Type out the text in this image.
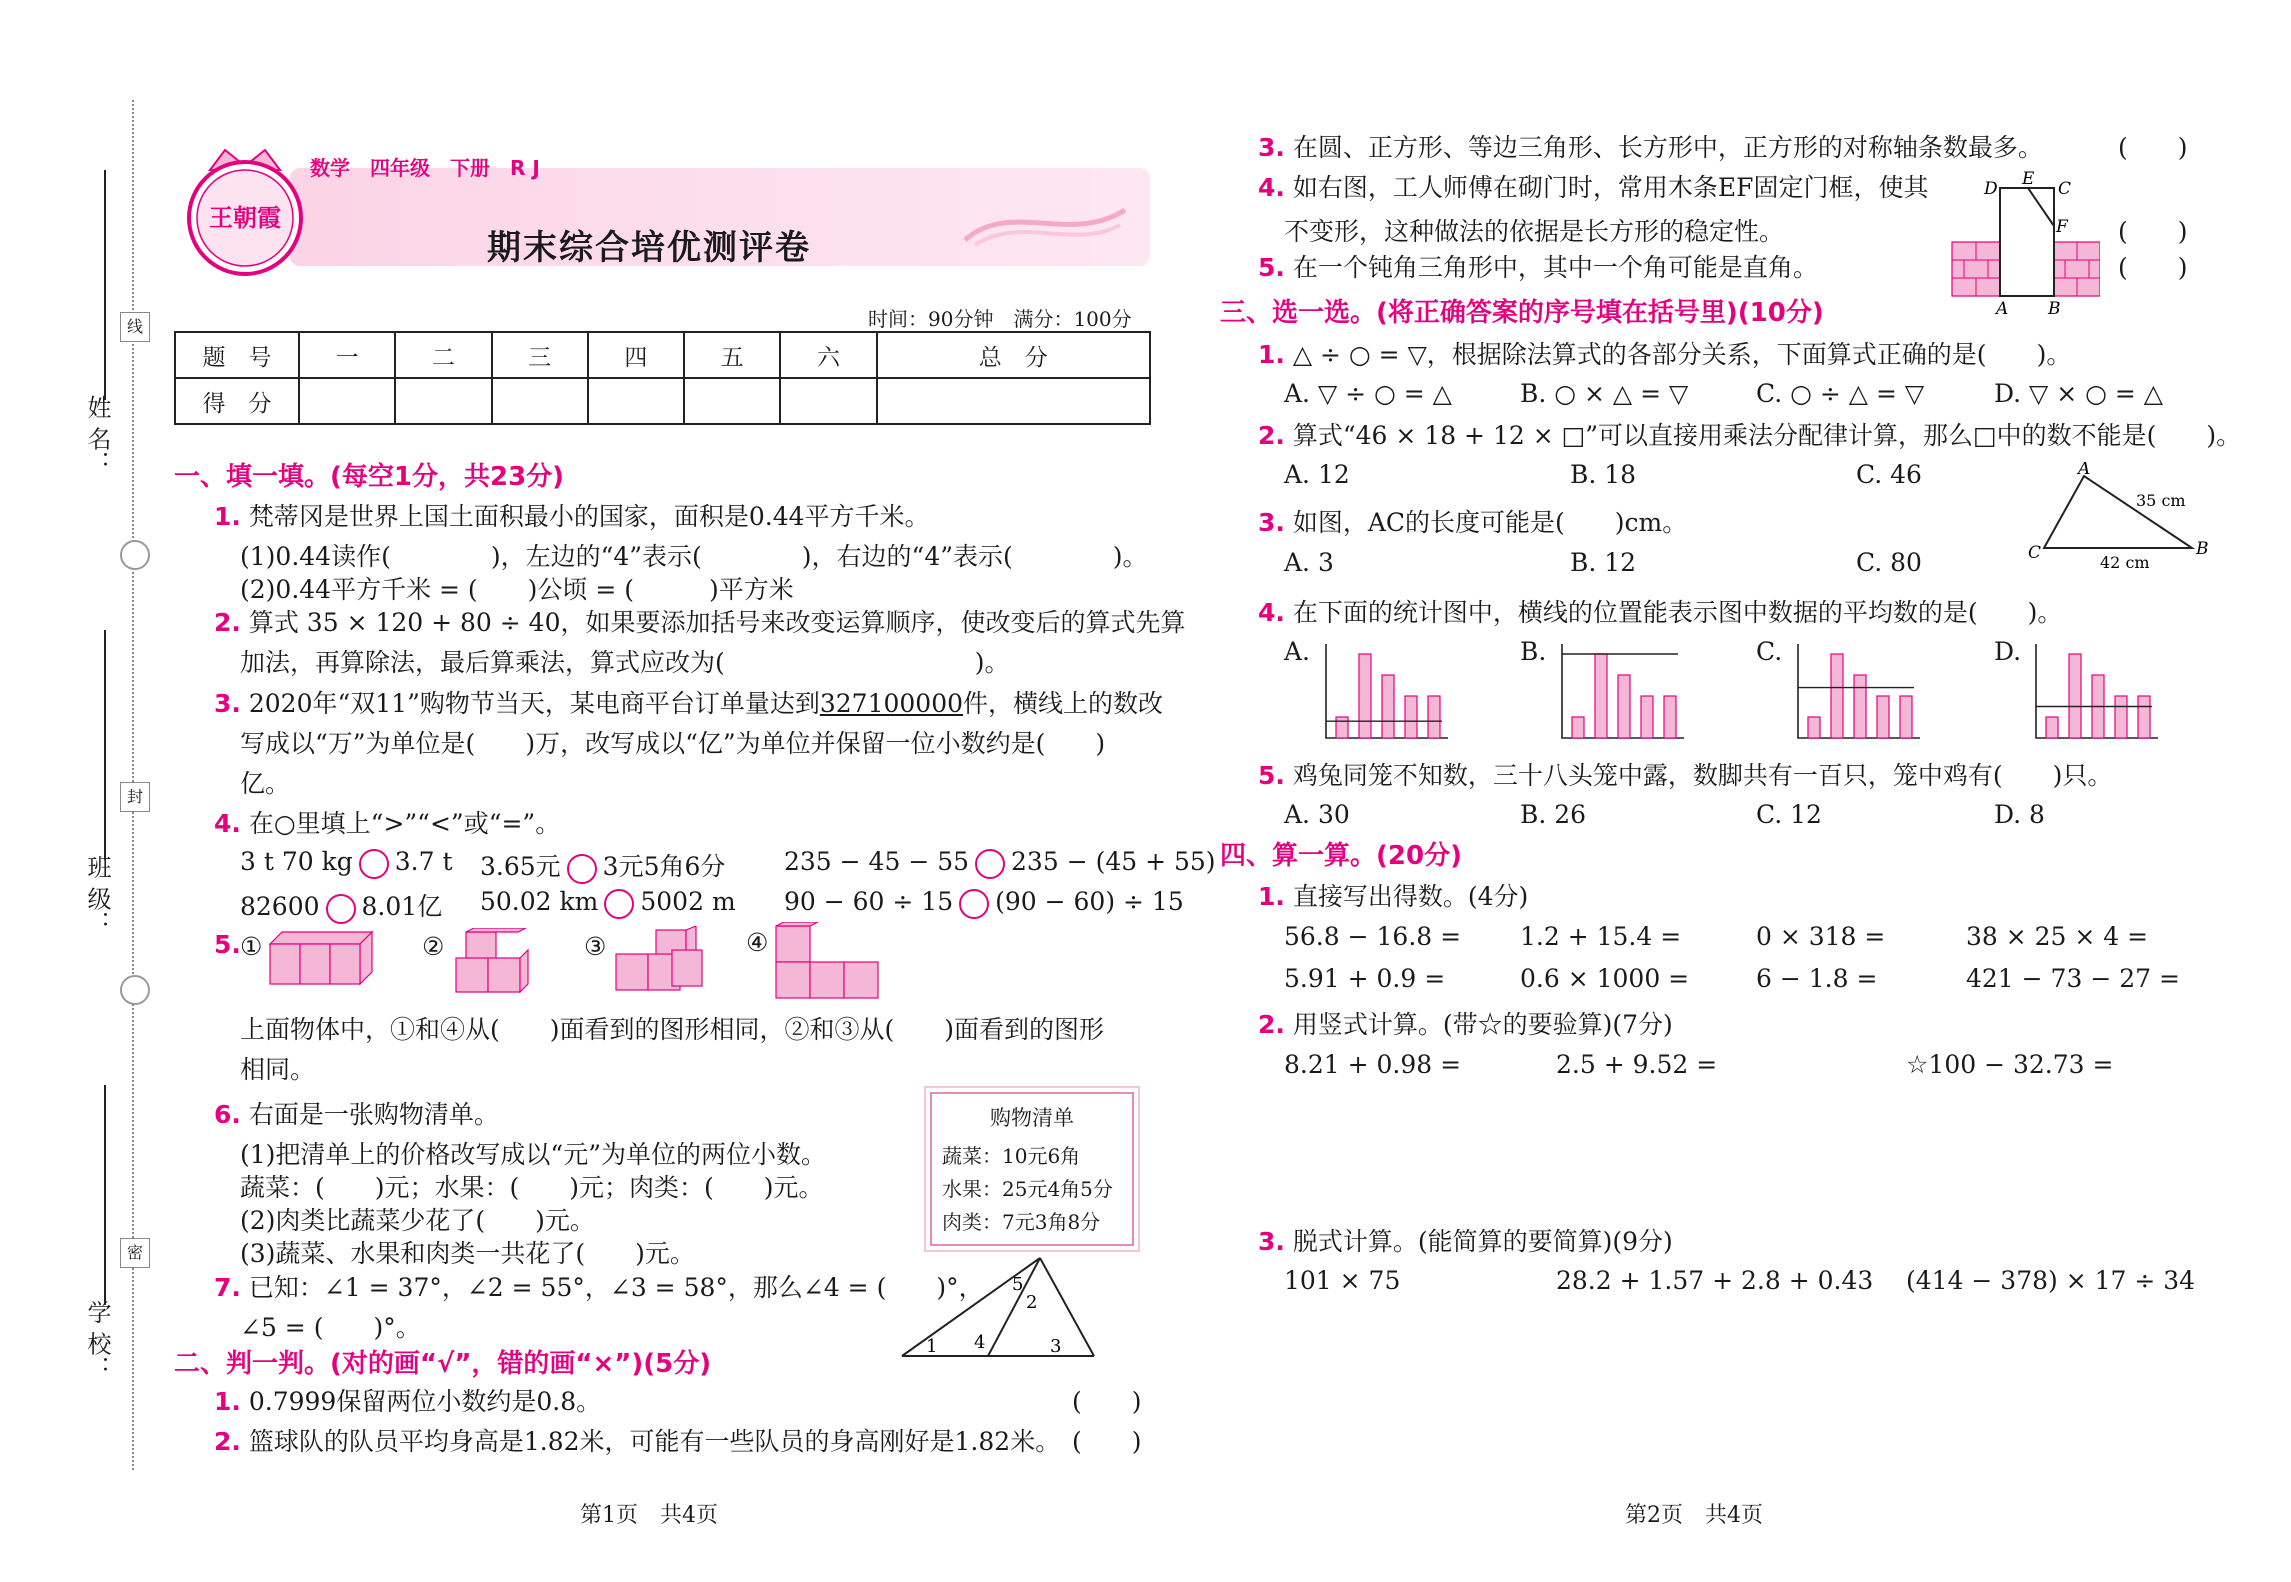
线
封
密
姓 名：
班 级：
学 校：
王朝霞
数学　四年级　下册　R J
期末综合培优测评卷
时间：90分钟　满分：100分
题　号	一	二	三	四	五	六	总　分
得　分							
一、填一填。(每空1分，共23分)
1. 梵蒂冈是世界上国土面积最小的国家，面积是0.44平方千米。
(1)0.44读作(　　　　)，左边的“4”表示(　　　　)，右边的“4”表示(　　　　)。
(2)0.44平方千米 = (　　)公顷 = (　　　)平方米
2. 算式 35 × 120 + 80 ÷ 40，如果要添加括号来改变运算顺序，使改变后的算式先算
加法，再算除法，最后算乘法，算式应改为(　　　　　　　　　　)。
3. 2020年“双11”购物节当天，某电商平台订单量达到327100000件，横线上的数改
写成以“万”为单位是(　　)万，改写成以“亿”为单位并保留一位小数约是(　　)
亿。
4. 在○里填上“>”“<”或“=”。
3 t 70 kg 3.7 t 3.65元 3元5角6分 235 − 45 − 55 235 − (45 + 55)
82600 8.01亿 50.02 km 5002 m 90 − 60 ÷ 15 (90 − 60) ÷ 15
5. ①	②	③	④
上面物体中，①和④从(　　)面看到的图形相同，②和③从(　　)面看到的图形
相同。
6. 右面是一张购物清单。
(1)把清单上的价格改写成以“元”为单位的两位小数。
蔬菜：(　　)元；水果：(　　)元；肉类：(　　)元。
(2)肉类比蔬菜少花了(　　)元。
(3)蔬菜、水果和肉类一共花了(　　)元。
购物清单
蔬菜：10元6角
水果：25元4角5分
肉类：7元3角8分
7. 已知：∠1 = 37°，∠2 = 55°，∠3 = 58°，那么∠4 = (　　)°，
∠5 = (　　)°。
1 4
5
2
3
二、判一判。(对的画“√”，错的画“×”)(5分)
1. 0.7999保留两位小数约是0.8。	(　　)
2. 篮球队的队员平均身高是1.82米，可能有一些队员的身高刚好是1.82米。 (　　)
3. 在圆、正方形、等边三角形、长方形中，正方形的对称轴条数最多。	(　　)
4. 如右图，工人师傅在砌门时，常用木条EF固定门框，使其
不变形，这种做法的依据是长方形的稳定性。	(　　)
D E C
F
A B
5. 在一个钝角三角形中，其中一个角可能是直角。	(　　)
三、选一选。(将正确答案的序号填在括号里)(10分)
1. △ ÷ ○ = ▽，根据除法算式的各部分关系，下面算式正确的是(　　)。
A. ▽ ÷ ○ = △	B. ○ × △ = ▽	C. ○ ÷ △ = ▽	D. ▽ × ○ = △
2. 算式“46 × 18 + 12 × □”可以直接用乘法分配律计算，那么□中的数不能是(　　)。
A. 12	B. 18	C. 46
3. 如图，AC的长度可能是(　　)cm。
A. 3	B. 12	C. 80
A
C	B
35 cm
42 cm
4. 在下面的统计图中，横线的位置能表示图中数据的平均数的是(　　)。
A.	B.	C.	D.
5. 鸡兔同笼不知数，三十八头笼中露，数脚共有一百只，笼中鸡有(　　)只。
A. 30	B. 26	C. 12	D. 8
四、算一算。(20分)
1. 直接写出得数。(4分)
56.8 − 16.8 = 1.2 + 15.4 =	0 × 318 =	38 × 25 × 4 =
5.91 + 0.9 =	0.6 × 1000 =	6 − 1.8 =	421 − 73 − 27 =
2. 用竖式计算。(带☆的要验算)(7分)
8.21 + 0.98 =	2.5 + 9.52 =	☆100 − 32.73 =
3. 脱式计算。(能简算的要简算)(9分)
101 × 75	28.2 + 1.57 + 2.8 + 0.43 (414 − 378) × 17 ÷ 34
第1页　共4页	第2页　共4页
